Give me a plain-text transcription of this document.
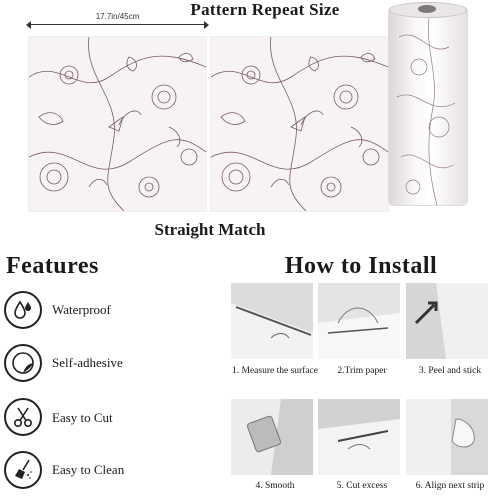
Pattern Repeat Size
17.7in/45cm
Straight Match
Features
Waterproof
Self-adhesive
Easy to Cut
Easy to Clean
How to Install
1. Measure the surface	2.Trim paper	3. Peel and stick
4. Smooth	5. Cut excess	6. Align next strip
